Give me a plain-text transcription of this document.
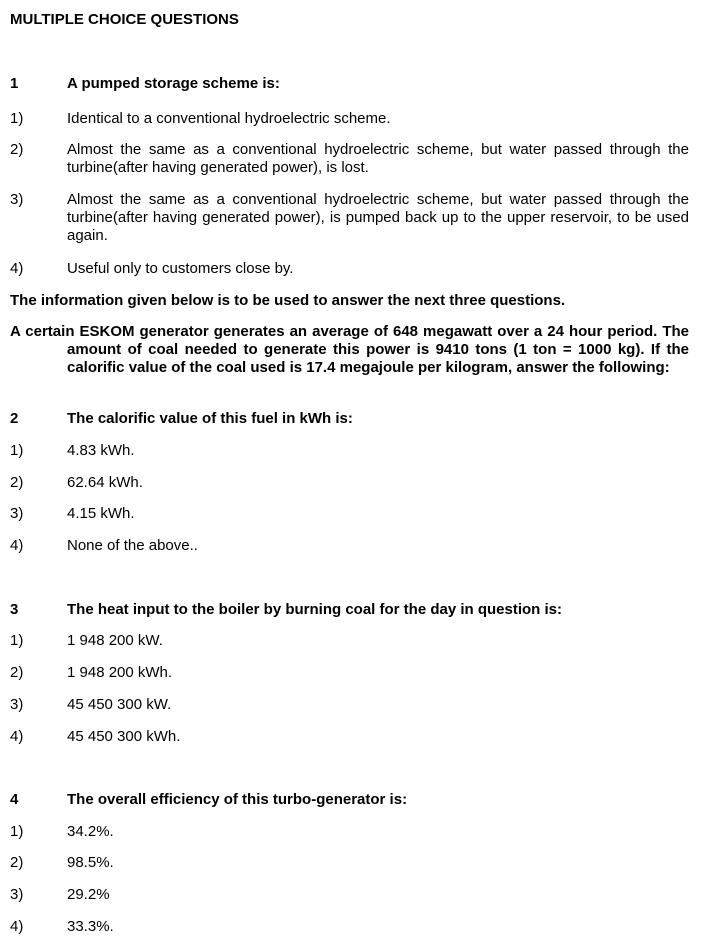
MULTIPLE CHOICE QUESTIONS
1	A pumped storage scheme is:
1)	Identical to a conventional hydroelectric scheme.
2)	Almost the same as a conventional hydroelectric scheme, but water passed through the turbine(after having generated power), is lost.
3)	Almost the same as a conventional hydroelectric scheme, but water passed through the turbine(after having generated power), is pumped back up to the upper reservoir, to be used again.
4)	Useful only to customers close by.
The information given below is to be used to answer the next three questions.
A certain ESKOM generator generates an average of 648 megawatt over a 24 hour period. The amount of coal needed to generate this power is 9410 tons (1 ton = 1000 kg). If the calorific value of the coal used is 17.4 megajoule per kilogram, answer the following:
2	The calorific value of this fuel in kWh is:
1)	4.83 kWh.
2)	62.64 kWh.
3)	4.15 kWh.
4)	None of the above..
3	The heat input to the boiler by burning coal for the day in question is:
1)	1 948 200 kW.
2)	1 948 200 kWh.
3)	45 450 300 kW.
4)	45 450 300 kWh.
4	The overall efficiency of this turbo-generator is:
1)	34.2%.
2)	98.5%.
3)	29.2%
4)	33.3%.
